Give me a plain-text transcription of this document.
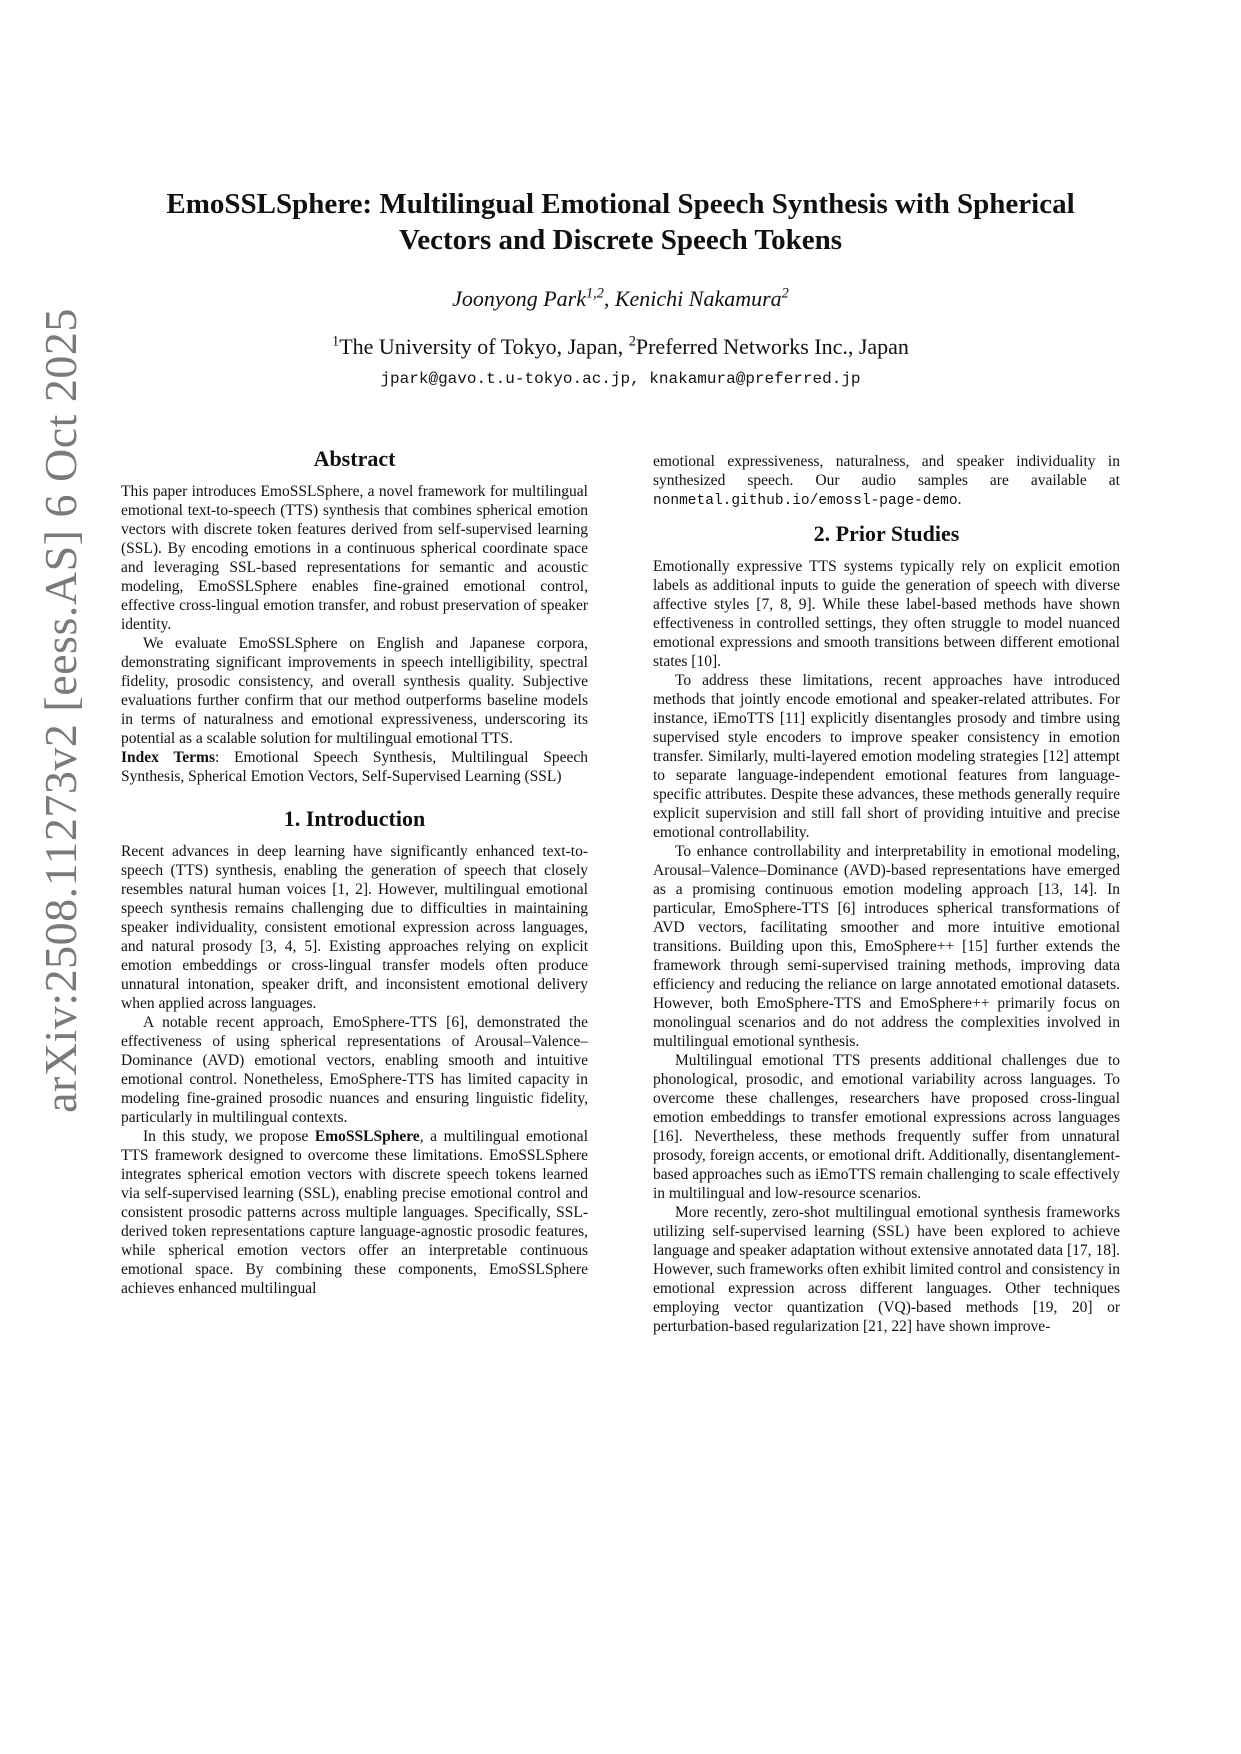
arXiv:2508.11273v2 [eess.AS] 6 Oct 2025
EmoSSLSphere: Multilingual Emotional Speech Synthesis with Spherical Vectors and Discrete Speech Tokens
Joonyong Park$^{1,2}$, Kenichi Nakamura$^2$
$^1$The University of Tokyo, Japan, $^2$Preferred Networks Inc., Japan
jpark@gavo.t.u-tokyo.ac.jp, knakamura@preferred.jp
Abstract

This paper introduces EmoSSLSphere, a novel framework for multilingual emotional text-to-speech (TTS) synthesis that combines spherical emotion vectors with discrete token features derived from self-supervised learning (SSL). By encoding emotions in a continuous spherical coordinate space and leveraging SSL-based representations for semantic and acoustic modeling, EmoSSLSphere enables fine-grained emotional control, effective cross-lingual emotion transfer, and robust preservation of speaker identity.

We evaluate EmoSSLSphere on English and Japanese corpora, demonstrating significant improvements in speech intelligibility, spectral fidelity, prosodic consistency, and overall synthesis quality. Subjective evaluations further confirm that our method outperforms baseline models in terms of naturalness and emotional expressiveness, underscoring its potential as a scalable solution for multilingual emotional TTS.

Index Terms: Emotional Speech Synthesis, Multilingual Speech Synthesis, Spherical Emotion Vectors, Self-Supervised Learning (SSL)

1. Introduction

Recent advances in deep learning have significantly enhanced text-to-speech (TTS) synthesis, enabling the generation of speech that closely resembles natural human voices [1, 2]. However, multilingual emotional speech synthesis remains challenging due to difficulties in maintaining speaker individuality, consistent emotional expression across languages, and natural prosody [3, 4, 5]. Existing approaches relying on explicit emotion embeddings or cross-lingual transfer models often produce unnatural intonation, speaker drift, and inconsistent emotional delivery when applied across languages.

A notable recent approach, EmoSphere-TTS [6], demonstrated the effectiveness of using spherical representations of Arousal–Valence–Dominance (AVD) emotional vectors, enabling smooth and intuitive emotional control. Nonetheless, EmoSphere-TTS has limited capacity in modeling fine-grained prosodic nuances and ensuring linguistic fidelity, particularly in multilingual contexts.

In this study, we propose EmoSSLSphere, a multilingual emotional TTS framework designed to overcome these limitations. EmoSSLSphere integrates spherical emotion vectors with discrete speech tokens learned via self-supervised learning (SSL), enabling precise emotional control and consistent prosodic patterns across multiple languages. Specifically, SSL-derived token representations capture language-agnostic prosodic features, while spherical emotion vectors offer an interpretable continuous emotional space. By combining these components, EmoSSLSphere achieves enhanced multilingual

emotional expressiveness, naturalness, and speaker individuality in synthesized speech. Our audio samples are available at nonmetal.github.io/emossl-page-demo.

2. Prior Studies

Emotionally expressive TTS systems typically rely on explicit emotion labels as additional inputs to guide the generation of speech with diverse affective styles [7, 8, 9]. While these label-based methods have shown effectiveness in controlled settings, they often struggle to model nuanced emotional expressions and smooth transitions between different emotional states [10].

To address these limitations, recent approaches have introduced methods that jointly encode emotional and speaker-related attributes. For instance, iEmoTTS [11] explicitly disentangles prosody and timbre using supervised style encoders to improve speaker consistency in emotion transfer. Similarly, multi-layered emotion modeling strategies [12] attempt to separate language-independent emotional features from language-specific attributes. Despite these advances, these methods generally require explicit supervision and still fall short of providing intuitive and precise emotional controllability.

To enhance controllability and interpretability in emotional modeling, Arousal–Valence–Dominance (AVD)-based representations have emerged as a promising continuous emotion modeling approach [13, 14]. In particular, EmoSphere-TTS [6] introduces spherical transformations of AVD vectors, facilitating smoother and more intuitive emotional transitions. Building upon this, EmoSphere++ [15] further extends the framework through semi-supervised training methods, improving data efficiency and reducing the reliance on large annotated emotional datasets. However, both EmoSphere-TTS and EmoSphere++ primarily focus on monolingual scenarios and do not address the complexities involved in multilingual emotional synthesis.

Multilingual emotional TTS presents additional challenges due to phonological, prosodic, and emotional variability across languages. To overcome these challenges, researchers have proposed cross-lingual emotion embeddings to transfer emotional expressions across languages [16]. Nevertheless, these methods frequently suffer from unnatural prosody, foreign accents, or emotional drift. Additionally, disentanglement-based approaches such as iEmoTTS remain challenging to scale effectively in multilingual and low-resource scenarios.

More recently, zero-shot multilingual emotional synthesis frameworks utilizing self-supervised learning (SSL) have been explored to achieve language and speaker adaptation without extensive annotated data [17, 18]. However, such frameworks often exhibit limited control and consistency in emotional expression across different languages. Other techniques employing vector quantization (VQ)-based methods [19, 20] or perturbation-based regularization [21, 22] have shown improve-
